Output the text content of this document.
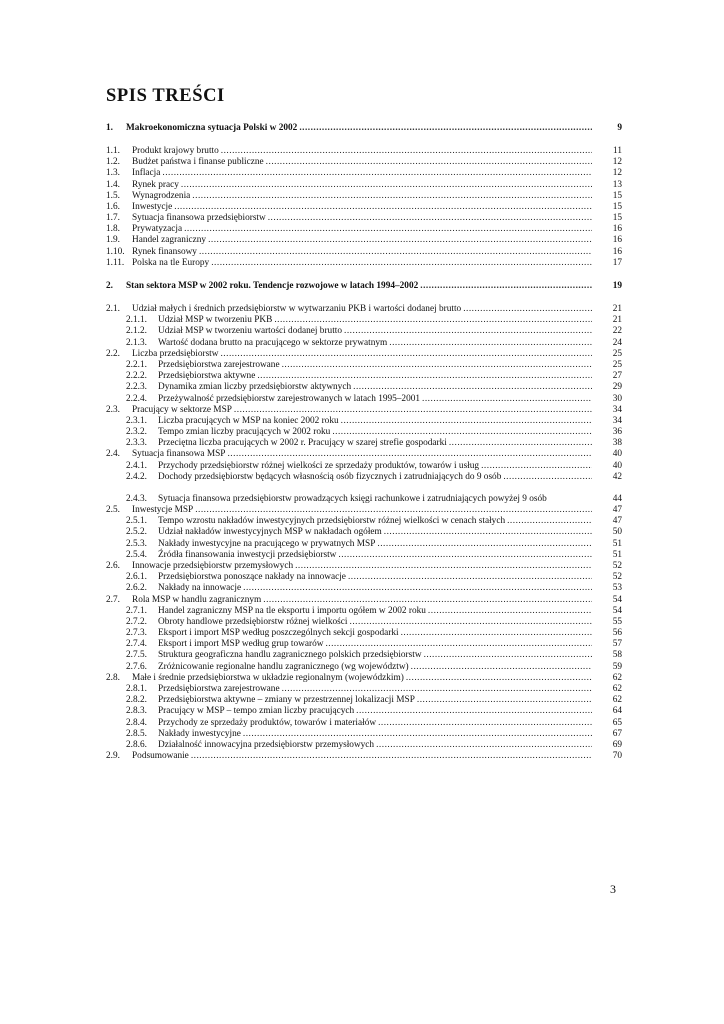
SPIS TREŚCI
1.	Makroekonomiczna sytuacja Polski w 2002 .....	9
1.1.	Produkt krajowy brutto .....	11
1.2.	Budżet państwa i finanse publiczne .....	12
1.3.	Inflacja .....	12
1.4.	Rynek pracy .....	13
1.5.	Wynagrodzenia .....	15
1.6.	Inwestycje .....	15
1.7.	Sytuacja finansowa przedsiębiorstw .....	15
1.8.	Prywatyzacja .....	16
1.9.	Handel zagraniczny .....	16
1.10. Rynek finansowy .....	16
1.11. Polska na tle Europy .....	17
2.	Stan sektora MSP w 2002 roku. Tendencje rozwojowe w latach 1994–2002 .....	19
2.1.	Udział małych i średnich przedsiębiorstw w wytwarzaniu PKB i wartości dodanej brutto .....	21
2.1.1.	Udział MSP w tworzeniu PKB .....	21
2.1.2.	Udział MSP w tworzeniu wartości dodanej brutto .....	22
2.1.3.	Wartość dodana brutto na pracującego w sektorze prywatnym .....	24
2.2.	Liczba przedsiębiorstw .....	25
2.2.1.	Przedsiębiorstwa zarejestrowane .....	25
2.2.2.	Przedsiębiorstwa aktywne .....	27
2.2.3.	Dynamika zmian liczby przedsiębiorstw aktywnych .....	29
2.2.4.	Przeżywalność przedsiębiorstw zarejestrowanych w latach 1995–2001 .....	30
2.3.	Pracujący w sektorze MSP .....	34
2.3.1.	Liczba pracujących w MSP na koniec 2002 roku .....	34
2.3.2.	Tempo zmian liczby pracujących w 2002 roku .....	36
2.3.3.	Przeciętna liczba pracujących w 2002 r. Pracujący w szarej strefie gospodarki .....	38
2.4.	Sytuacja finansowa MSP .....	40
2.4.1.	Przychody przedsiębiorstw różnej wielkości ze sprzedaży produktów, towarów i usług .....	40
2.4.2.	Dochody przedsiębiorstw będących własnością osób fizycznych i zatrudniających do 9 osób .....	42
2.4.3.	Sytuacja finansowa przedsiębiorstw prowadzących księgi rachunkowe i zatrudniających powyżej 9 osób	44
2.5.	Inwestycje MSP .....	47
2.5.1.	Tempo wzrostu nakładów inwestycyjnych przedsiębiorstw różnej wielkości w cenach stałych .....	47
2.5.2.	Udział nakładów inwestycyjnych MSP w nakładach ogółem .....	50
2.5.3.	Nakłady inwestycyjne na pracującego w prywatnych MSP .....	51
2.5.4.	Źródła finansowania inwestycji przedsiębiorstw .....	51
2.6.	Innowacje przedsiębiorstw przemysłowych .....	52
2.6.1.	Przedsiębiorstwa ponoszące nakłady na innowacje .....	52
2.6.2.	Nakłady na innowacje .....	53
2.7.	Rola MSP w handlu zagranicznym .....	54
2.7.1.	Handel zagraniczny MSP na tle eksportu i importu ogółem w 2002 roku .....	54
2.7.2.	Obroty handlowe przedsiębiorstw różnej wielkości .....	55
2.7.3.	Eksport i import MSP według poszczególnych sekcji gospodarki .....	56
2.7.4.	Eksport i import MSP według grup towarów .....	57
2.7.5.	Struktura geograficzna handlu zagranicznego polskich przedsiębiorstw .....	58
2.7.6.	Zróżnicowanie regionalne handlu zagranicznego (wg województw) .....	59
2.8.	Małe i średnie przedsiębiorstwa w układzie regionalnym (wojewódzkim) .....	62
2.8.1.	Przedsiębiorstwa zarejestrowane .....	62
2.8.2.	Przedsiębiorstwa aktywne – zmiany w przestrzennej lokalizacji MSP .....	62
2.8.3.	Pracujący w MSP – tempo zmian liczby pracujących .....	64
2.8.4.	Przychody ze sprzedaży produktów, towarów i materiałów .....	65
2.8.5.	Nakłady inwestycyjne .....	67
2.8.6.	Działalność innowacyjna przedsiębiorstw przemysłowych .....	69
2.9.	Podsumowanie .....	70
3
